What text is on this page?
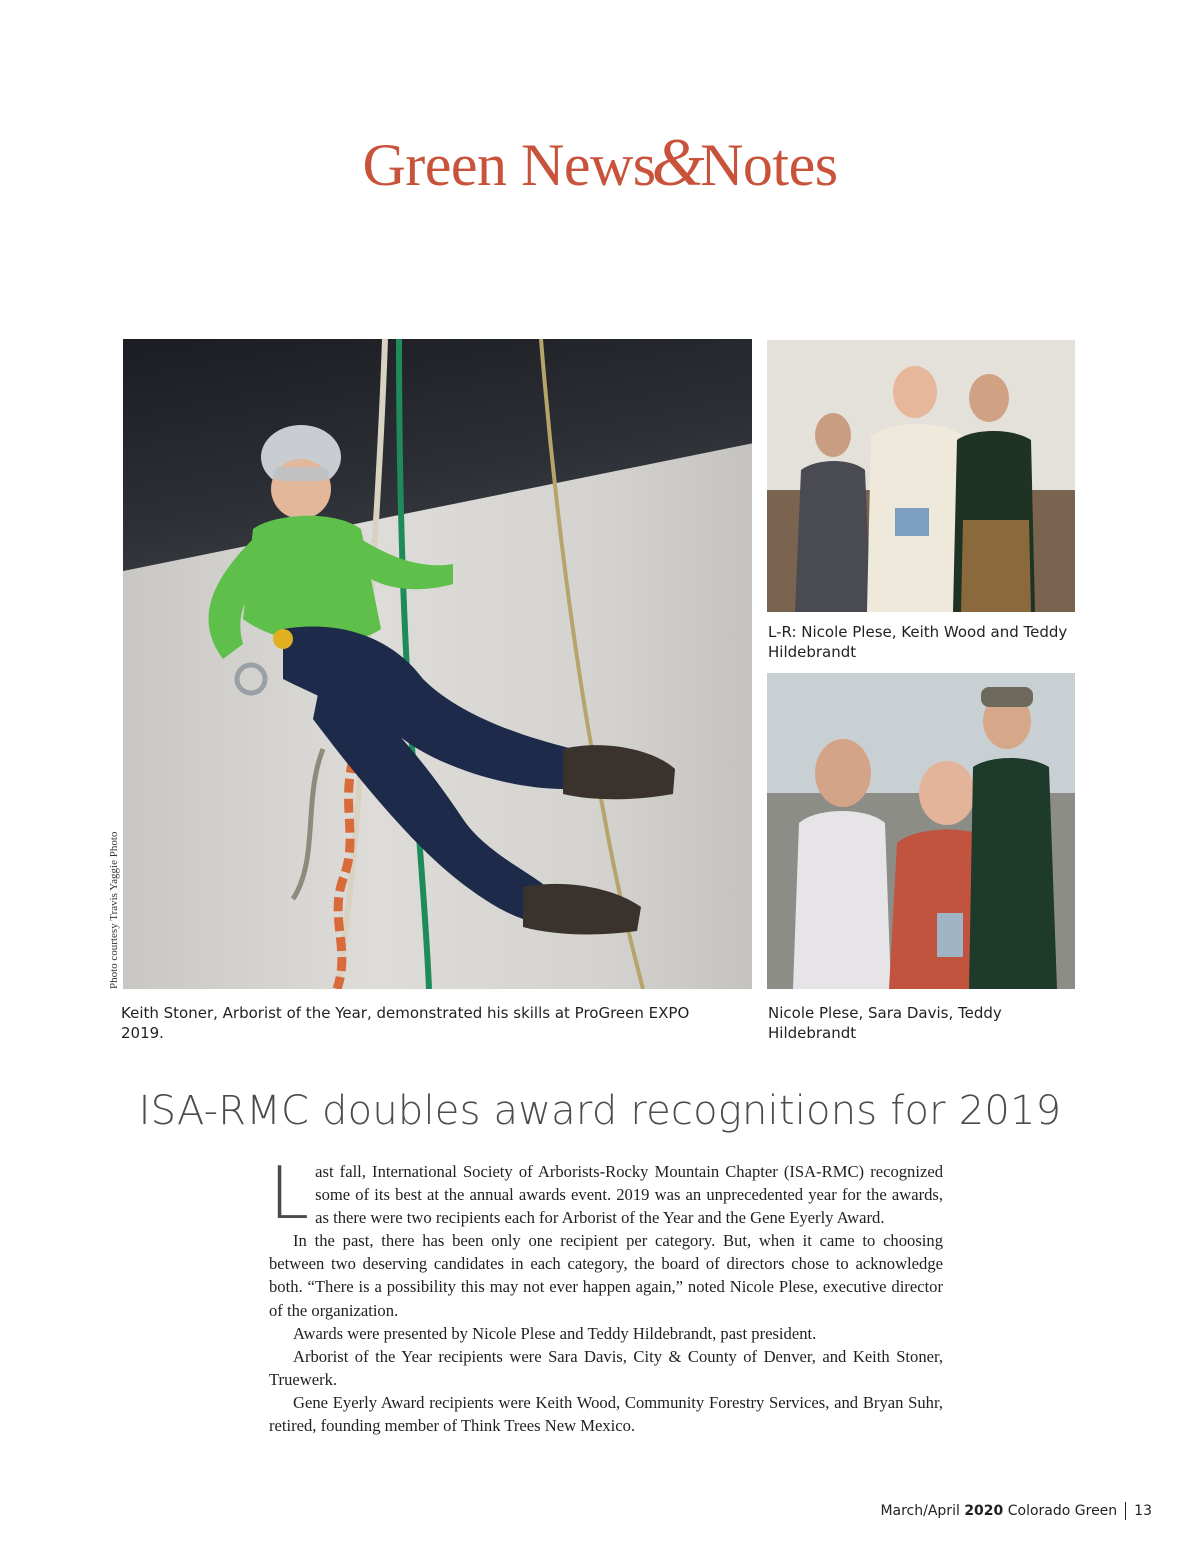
Green News&Notes
Photo courtesy Travis Yaggie Photo
Keith Stoner, Arborist of the Year, demonstrated his skills at ProGreen EXPO 2019.
L-R: Nicole Plese, Keith Wood and Teddy Hildebrandt
Nicole Plese, Sara Davis, Teddy Hildebrandt
ISA-RMC doubles award recognitions for 2019

Last fall, International Society of Arborists-Rocky Mountain Chapter (ISA-RMC) recognized some of its best at the annual awards event. 2019 was an unprecedented year for the awards, as there were two recipients each for Arborist of the Year and the Gene Eyerly Award.

In the past, there has been only one recipient per category. But, when it came to choosing between two deserving candidates in each category, the board of directors chose to acknowledge both. “There is a possibility this may not ever happen again,” noted Nicole Plese, executive director of the organization.

Awards were presented by Nicole Plese and Teddy Hildebrandt, past president.

Arborist of the Year recipients were Sara Davis, City & County of Denver, and Keith Stoner, Truewerk.

Gene Eyerly Award recipients were Keith Wood, Community Forestry Services, and Bryan Suhr, retired, founding member of Think Trees New Mexico.

March/April 2020 Colorado Green 13
